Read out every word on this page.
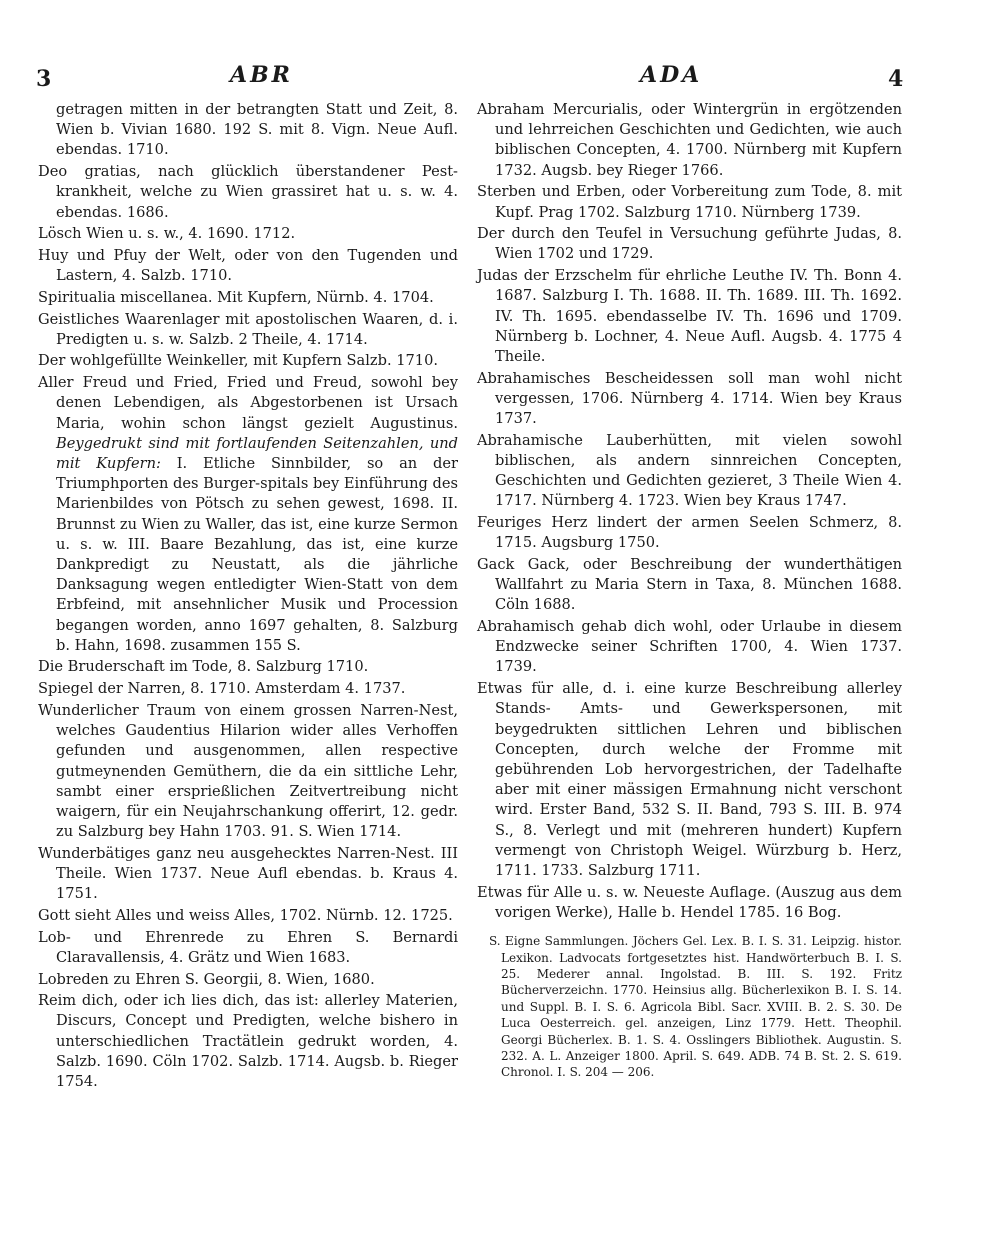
3	ABR	ADA	4

getragen mitten in der betrangten Statt und Zeit, 8. Wien b. Vivian 1680. 192 S. mit 8. Vign. Neue Aufl. ebendas. 1710.

Deo gratias, nach glücklich überstandener Pest-krankheit, welche zu Wien grassiret hat u. s. w. 4. ebendas. 1686.

Lösch Wien u. s. w., 4. 1690. 1712.

Huy und Pfuy der Welt, oder von den Tugenden und Lastern, 4. Salzb. 1710.

Spiritualia miscellanea. Mit Kupfern, Nürnb. 4. 1704.

Geistliches Waarenlager mit apostolischen Waaren, d. i. Predigten u. s. w. Salzb. 2 Theile, 4. 1714.

Der wohlgefüllte Weinkeller, mit Kupfern Salzb. 1710.

Aller Freud und Fried, Fried und Freud, sowohl bey denen Lebendigen, als Abgestorbenen ist Ursach Maria, wohin schon längst gezielt Augustinus. Beygedrukt sind mit fortlaufenden Seitenzahlen, und mit Kupfern: I. Etliche Sinnbilder, so an der Triumphporten des Burger-spitals bey Einführung des Marienbildes von Pötsch zu sehen gewest, 1698. II. Brunnst zu Wien zu Waller, das ist, eine kurze Sermon u. s. w. III. Baare Bezahlung, das ist, eine kurze Dankpredigt zu Neustatt, als die jährliche Danksagung wegen entledigter Wien-Statt von dem Erbfeind, mit ansehnlicher Musik und Procession begangen worden, anno 1697 gehalten, 8. Salzburg b. Hahn, 1698. zusammen 155 S.

Die Bruderschaft im Tode, 8. Salzburg 1710.

Spiegel der Narren, 8. 1710. Amsterdam 4. 1737.

Wunderlicher Traum von einem grossen Narren-Nest, welches Gaudentius Hilarion wider alles Verhoffen gefunden und ausgenommen, allen respective gutmeynenden Gemüthern, die da ein sittliche Lehr, sambt einer ersprießlichen Zeitvertreibung nicht waigern, für ein Neujahrschankung offerirt, 12. gedr. zu Salzburg bey Hahn 1703. 91. S. Wien 1714.

Wunderbätiges ganz neu ausgehecktes Narren-Nest. III Theile. Wien 1737. Neue Aufl ebendas. b. Kraus 4. 1751.

Gott sieht Alles und weiss Alles, 1702. Nürnb. 12. 1725.

Lob- und Ehrenrede zu Ehren S. Bernardi Claravallensis, 4. Grätz und Wien 1683.

Lobreden zu Ehren S. Georgii, 8. Wien, 1680.

Reim dich, oder ich lies dich, das ist: allerley Materien, Discurs, Concept und Predigten, welche bishero in unterschiedlichen Tractätlein gedrukt worden, 4. Salzb. 1690. Cöln 1702. Salzb. 1714. Augsb. b. Rieger 1754.

Abraham Mercurialis, oder Wintergrün in ergötzenden und lehrreichen Geschichten und Gedichten, wie auch biblischen Concepten, 4. 1700. Nürnberg mit Kupfern 1732. Augsb. bey Rieger 1766.

Sterben und Erben, oder Vorbereitung zum Tode, 8. mit Kupf. Prag 1702. Salzburg 1710. Nürnberg 1739.

Der durch den Teufel in Versuchung geführte Judas, 8. Wien 1702 und 1729.

Judas der Erzschelm für ehrliche Leuthe IV. Th. Bonn 4. 1687. Salzburg I. Th. 1688. II. Th. 1689. III. Th. 1692. IV. Th. 1695. ebendasselbe IV. Th. 1696 und 1709. Nürnberg b. Lochner, 4. Neue Aufl. Augsb. 4. 1775 4 Theile.

Abrahamisches Bescheidessen soll man wohl nicht vergessen, 1706. Nürnberg 4. 1714. Wien bey Kraus 1737.

Abrahamische Lauberhütten, mit vielen sowohl biblischen, als andern sinnreichen Concepten, Geschichten und Gedichten gezieret, 3 Theile Wien 4. 1717. Nürnberg 4. 1723. Wien bey Kraus 1747.

Feuriges Herz lindert der armen Seelen Schmerz, 8. 1715. Augsburg 1750.

Gack Gack, oder Beschreibung der wunderthätigen Wallfahrt zu Maria Stern in Taxa, 8. München 1688. Cöln 1688.

Abrahamisch gehab dich wohl, oder Urlaube in diesem Endzwecke seiner Schriften 1700, 4. Wien 1737. 1739.

Etwas für alle, d. i. eine kurze Beschreibung allerley Stands- Amts- und Gewerkspersonen, mit beygedrukten sittlichen Lehren und biblischen Concepten, durch welche der Fromme mit gebührenden Lob hervorgestrichen, der Tadelhafte aber mit einer mässigen Ermahnung nicht verschont wird. Erster Band, 532 S. II. Band, 793 S. III. B. 974 S., 8. Verlegt und mit (mehreren hundert) Kupfern vermengt von Christoph Weigel. Würzburg b. Herz, 1711. 1733. Salzburg 1711.

Etwas für Alle u. s. w. Neueste Auflage. (Auszug aus dem vorigen Werke), Halle b. Hendel 1785. 16 Bog.

S. Eigne Sammlungen. Jöchers Gel. Lex. B. I. S. 31. Leipzig. histor. Lexikon. Ladvocats fortgesetztes hist. Handwörterbuch B. I. S. 25. Mederer annal. Ingolstad. B. III. S. 192. Fritz Bücherverzeichn. 1770. Heinsius allg. Bücherlexikon B. I. S. 14. und Suppl. B. I. S. 6. Agricola Bibl. Sacr. XVIII. B. 2. S. 30. De Luca Oesterreich. gel. anzeigen, Linz 1779. Hett. Theophil. Georgi Bücherlex. B. 1. S. 4. Osslingers Bibliothek. Augustin. S. 232. A. L. Anzeiger 1800. April. S. 649. ADB. 74 B. St. 2. S. 619. Chronol. I. S. 204 — 206.
